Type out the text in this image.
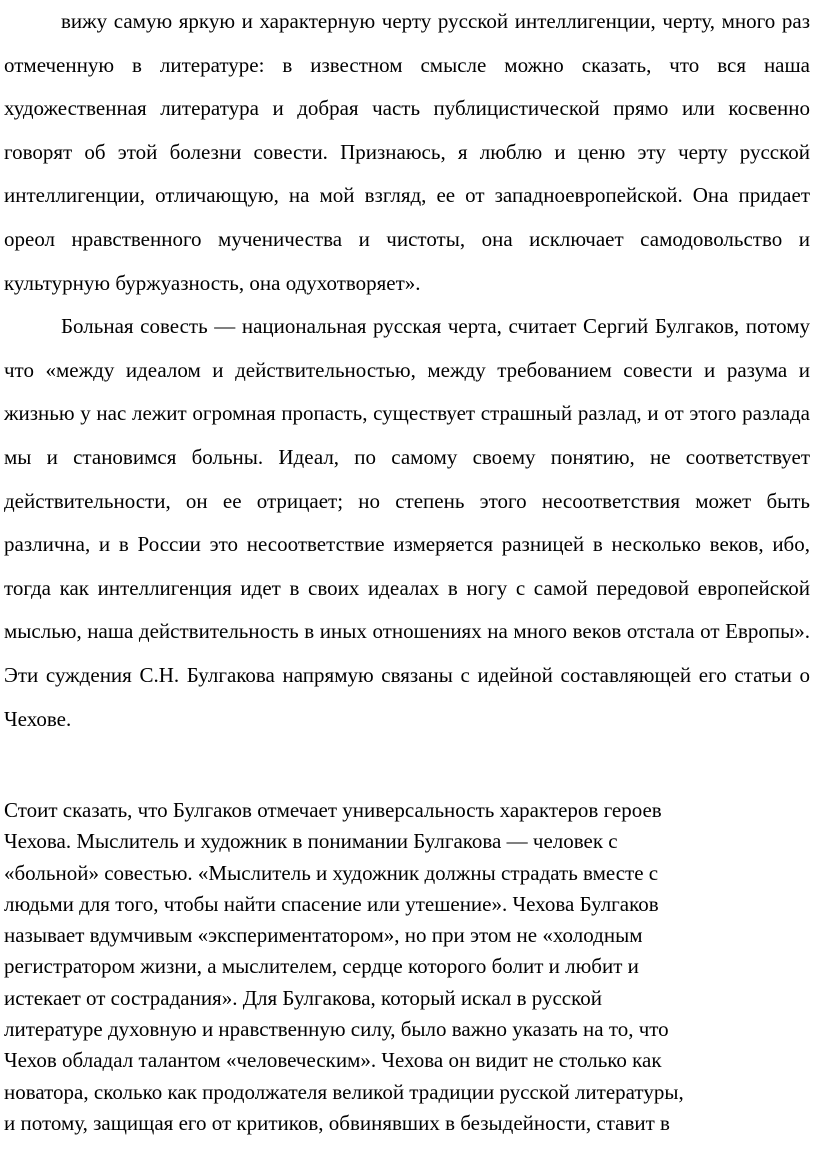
вижу самую яркую и характерную черту русской интеллигенции, черту, много раз отмеченную в литературе: в известном смысле можно сказать, что вся наша художественная литература и добрая часть публицистической прямо или косвенно говорят об этой болезни совести. Признаюсь, я люблю и ценю эту черту русской интеллигенции, отличающую, на мой взгляд, ее от западноевропейской. Она придает ореол нравственного мученичества и чистоты, она исключает самодовольство и культурную буржуазность, она одухотворяет».

Больная совесть — национальная русская черта, считает Сергий Булгаков, потому что «между идеалом и действительностью, между требованием совести и разума и жизнью у нас лежит огромная пропасть, существует страшный разлад, и от этого разлада мы и становимся больны. Идеал, по самому своему понятию, не соответствует действительности, он ее отрицает; но степень этого несоответствия может быть различна, и в России это несоответствие измеряется разницей в несколько веков, ибо, тогда как интеллигенция идет в своих идеалах в ногу с самой передовой европейской мыслью, наша действительность в иных отношениях на много веков отстала от Европы». Эти суждения С.Н. Булгакова напрямую связаны с идейной составляющей его статьи о Чехове.

Стоит сказать, что Булгаков отмечает универсальность характеров героев

Чехова. Мыслитель и художник в понимании Булгакова — человек с

«больной» совестью. «Мыслитель и художник должны страдать вместе с

людьми для того, чтобы найти спасение или утешение». Чехова Булгаков

называет вдумчивым «экспериментатором», но при этом не «холодным

регистратором жизни, а мыслителем, сердце которого болит и любит и

истекает от сострадания». Для Булгакова, который искал в русской

литературе духовную и нравственную силу, было важно указать на то, что

Чехов обладал талантом «человеческим». Чехова он видит не столько как

новатора, сколько как продолжателя великой традиции русской литературы,

и потому, защищая его от критиков, обвинявших в безыдейности, ставит в
